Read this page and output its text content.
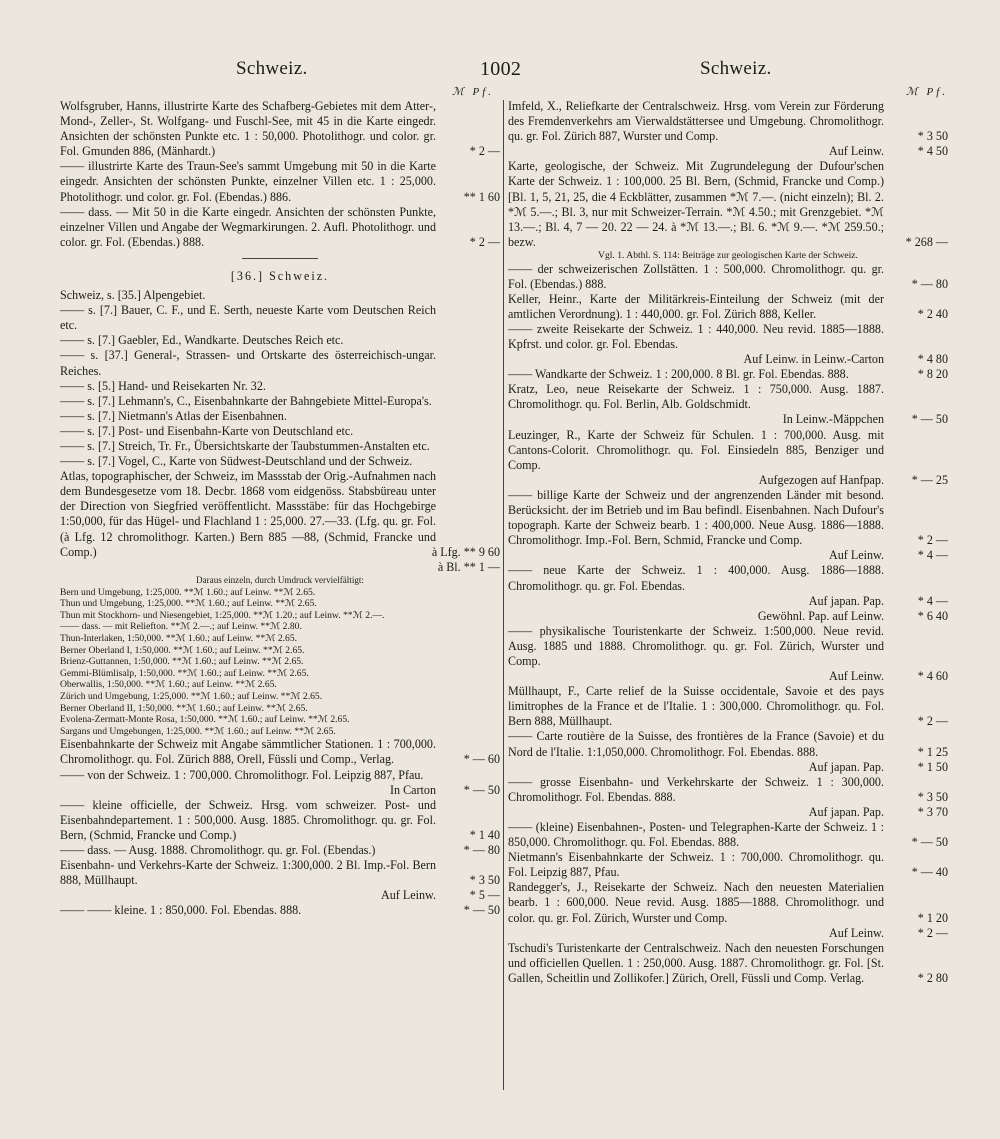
Schweiz.	1002	Schweiz.
ℳ Pf.	ℳ Pf.
Wolfsgruber, Hanns, illustrirte Karte des Schafberg-Gebietes mit dem Atter-, Mond-, Zeller-, St. Wolfgang- und Fuschl-See, mit 45 in die Karte eingedr. Ansichten der schönsten Punkte etc. 1 : 50,000. Photolithogr. und color. gr. Fol. Gmunden 886, (Mänhardt.)	* 2 —
—— illustrirte Karte des Traun-See's sammt Umgebung mit 50 in die Karte eingedr. Ansichten der schönsten Punkte, einzelner Villen etc. 1 : 25,000. Photolithogr. und color. gr. Fol. (Ebendas.) 886.	** 1 60
—— dass. — Mit 50 in die Karte eingedr. Ansichten der schönsten Punkte, einzelner Villen und Angabe der Wegmarkirungen. 2. Aufl. Photolithogr. und color. gr. Fol. (Ebendas.) 888.	* 2 —
[36.] Schweiz.
Schweiz, s. [35.] Alpengebiet.
—— s. [7.] Bauer, C. F., und E. Serth, neueste Karte vom Deutschen Reich etc.
—— s. [7.] Gaebler, Ed., Wandkarte. Deutsches Reich etc.
—— s. [37.] General-, Strassen- und Ortskarte des österreichisch-ungar. Reiches.
—— s. [5.] Hand- und Reisekarten Nr. 32.
—— s. [7.] Lehmann's, C., Eisenbahnkarte der Bahngebiete Mittel-Europa's.
—— s. [7.] Nietmann's Atlas der Eisenbahnen.
—— s. [7.] Post- und Eisenbahn-Karte von Deutschland etc.
—— s. [7.] Streich, Tr. Fr., Übersichtskarte der Taubstummen-Anstalten etc.
—— s. [7.] Vogel, C., Karte von Südwest-Deutschland und der Schweiz.
Atlas, topographischer, der Schweiz, im Massstab der Orig.-Aufnahmen nach dem Bundesgesetze vom 18. Decbr. 1868 vom eidgenöss. Stabsbüreau unter der Direction von Siegfried veröffentlicht. Massstäbe: für das Hochgebirge 1:50,000, für das Hügel- und Flachland 1 : 25,000. 27.—33. (Lfg. qu. gr. Fol. (à Lfg. 12 chromolithogr. Karten.) Bern 885 —88, (Schmid, Francke und Comp.)	à Lfg. ** 9 60
à Bl. ** 1 —
Daraus einzeln, durch Umdruck vervielfältigt:
Bern und Umgebung, 1:25,000. **ℳ 1.60.; auf Leinw. **ℳ 2.65.
Thun und Umgebung, 1:25,000. **ℳ 1.60.; auf Leinw. **ℳ 2.65.
Thun mit Stockhorn- und Niesengebiet, 1:25,000. **ℳ 1.20.; auf Leinw. **ℳ 2.—.
—— dass. — mit Reliefton. **ℳ 2.—.; auf Leinw. **ℳ 2.80.
Thun-Interlaken, 1:50,000. **ℳ 1.60.; auf Leinw. **ℳ 2.65.
Berner Oberland I, 1:50,000. **ℳ 1.60.; auf Leinw. **ℳ 2.65.
Brienz-Guttannen, 1:50,000. **ℳ 1.60.; auf Leinw. **ℳ 2.65.
Gemmi-Blümlisalp, 1:50,000. **ℳ 1.60.; auf Leinw. **ℳ 2.65.
Oberwallis, 1:50,000. **ℳ 1.60.; auf Leinw. **ℳ 2.65.
Zürich und Umgebung, 1:25,000. **ℳ 1.60.; auf Leinw. **ℳ 2.65.
Berner Oberland II, 1:50,000. **ℳ 1.60.; auf Leinw. **ℳ 2.65.
Evolena-Zermatt-Monte Rosa, 1:50,000. **ℳ 1.60.; auf Leinw. **ℳ 2.65.
Sargans und Umgebungen, 1:25,000. **ℳ 1.60.; auf Leinw. **ℳ 2.65.
Eisenbahnkarte der Schweiz mit Angabe sämmtlicher Stationen. 1 : 700,000. Chromolithogr. qu. Fol. Zürich 888, Orell, Füssli und Comp., Verlag.	* — 60
—— von der Schweiz. 1 : 700,000. Chromolithogr. Fol. Leipzig 887, Pfau.
In Carton * — 50
—— kleine officielle, der Schweiz. Hrsg. vom schweizer. Post- und Eisenbahndepartement. 1 : 500,000. Ausg. 1885. Chromolithogr. qu. gr. Fol. Bern, (Schmid, Francke und Comp.)	* 1 40
—— dass. — Ausg. 1888. Chromolithogr. qu. gr. Fol. (Ebendas.)	* — 80
Eisenbahn- und Verkehrs-Karte der Schweiz. 1:300,000. 2 Bl. Imp.-Fol. Bern 888, Müllhaupt.	* 3 50
Auf Leinw.	* 5 —
—— —— kleine. 1 : 850,000. Fol. Ebendas. 888.	* — 50
Imfeld, X., Reliefkarte der Centralschweiz. Hrsg. vom Verein zur Förderung des Fremdenverkehrs am Vierwaldstättersee und Umgebung. Chromolithogr. qu. gr. Fol. Zürich 887, Wurster und Comp.	* 3 50
Auf Leinw.	* 4 50
Karte, geologische, der Schweiz. Mit Zugrundelegung der Dufour'schen Karte der Schweiz. 1 : 100,000. 25 Bl. Bern, (Schmid, Francke und Comp.) [Bl. 1, 5, 21, 25, die 4 Eckblätter, zusammen *ℳ 7.—. (nicht einzeln); Bl. 2. *ℳ 5.—.; Bl. 3, nur mit Schweizer-Terrain. *ℳ 4.50.; mit Grenzgebiet. *ℳ 13.—.; Bl. 4, 7 — 20. 22 — 24. à *ℳ 13.—.; Bl. 6. *ℳ 9.—. *ℳ 259.50.; bezw.	* 268 —
Vgl. 1. Abthl. S. 114: Beiträge zur geologischen Karte der Schweiz.
—— der schweizerischen Zollstätten. 1 : 500,000. Chromolithogr. qu. gr. Fol. (Ebendas.) 888.	* — 80
Keller, Heinr., Karte der Militärkreis-Einteilung der Schweiz (mit der amtlichen Verordnung). 1 : 440,000. gr. Fol. Zürich 888, Keller.	* 2 40
—— zweite Reisekarte der Schweiz. 1 : 440,000. Neu revid. 1885—1888. Kpfrst. und color. gr. Fol. Ebendas.
Auf Leinw. in Leinw.-Carton	* 4 80
—— Wandkarte der Schweiz. 1 : 200,000. 8 Bl. gr. Fol. Ebendas. 888.	* 8 20
Kratz, Leo, neue Reisekarte der Schweiz. 1 : 750,000. Ausg. 1887. Chromolithogr. qu. Fol. Berlin, Alb. Goldschmidt.
In Leinw.-Mäppchen * — 50
Leuzinger, R., Karte der Schweiz für Schulen. 1 : 700,000. Ausg. mit Cantons-Colorit. Chromolithogr. qu. Fol. Einsiedeln 885, Benziger und Comp.
Aufgezogen auf Hanfpap. * — 25
—— billige Karte der Schweiz und der angrenzenden Länder mit besond. Berücksicht. der im Betrieb und im Bau befindl. Eisenbahnen. Nach Dufour's topograph. Karte der Schweiz bearb. 1 : 400,000. Neue Ausg. 1886—1888. Chromolithogr. Imp.-Fol. Bern, Schmid, Francke und Comp.	* 2 —
Auf Leinw.	* 4 —
—— neue Karte der Schweiz. 1 : 400,000. Ausg. 1886—1888. Chromolithogr. qu. gr. Fol. Ebendas.
Auf japan. Pap.	* 4 —
Gewöhnl. Pap. auf Leinw.	* 6 40
—— physikalische Touristenkarte der Schweiz. 1:500,000. Neue revid. Ausg. 1885 und 1888. Chromolithogr. qu. gr. Fol. Zürich, Wurster und Comp.
Auf Leinw.	* 4 60
Müllhaupt, F., Carte relief de la Suisse occidentale, Savoie et des pays limitrophes de la France et de l'Italie. 1 : 300,000. Chromolithogr. qu. Fol. Bern 888, Müllhaupt.	* 2 —
—— Carte routière de la Suisse, des frontières de la France (Savoie) et du Nord de l'Italie. 1:1,050,000. Chromolithogr. Fol. Ebendas. 888.	* 1 25
Auf japan. Pap.	* 1 50
—— grosse Eisenbahn- und Verkehrskarte der Schweiz. 1 : 300,000. Chromolithogr. Fol. Ebendas. 888.	* 3 50
Auf japan. Pap.	* 3 70
—— (kleine) Eisenbahnen-, Posten- und Telegraphen-Karte der Schweiz. 1 : 850,000. Chromolithogr. qu. Fol. Ebendas. 888.	* — 50
Nietmann's Eisenbahnkarte der Schweiz. 1 : 700,000. Chromolithogr. qu. Fol. Leipzig 887, Pfau.	* — 40
Randegger's, J., Reisekarte der Schweiz. Nach den neuesten Materialien bearb. 1 : 600,000. Neue revid. Ausg. 1885—1888. Chromolithogr. und color. qu. gr. Fol. Zürich, Wurster und Comp.	* 1 20
Auf Leinw.	* 2 —
Tschudi's Turistenkarte der Centralschweiz. Nach den neuesten Forschungen und officiellen Quellen. 1 : 250,000. Ausg. 1887. Chromolithogr. gr. Fol. [St. Gallen, Scheitlin und Zollikofer.] Zürich, Orell, Füssli und Comp. Verlag.	* 2 80
